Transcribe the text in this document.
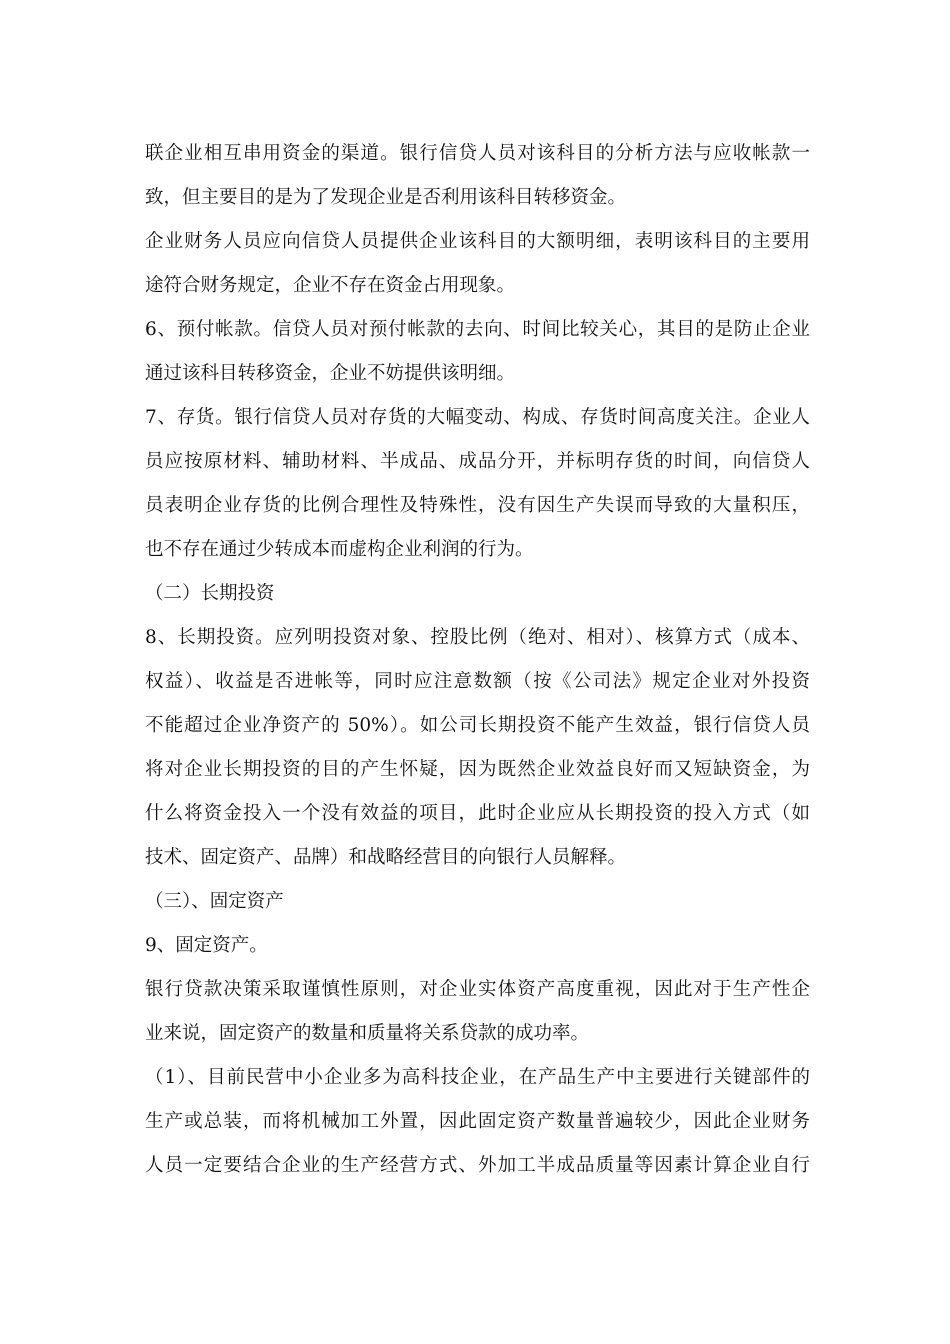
联企业相互串用资金的渠道。银行信贷人员对该科目的分析方法与应收帐款一
致，但主要目的是为了发现企业是否利用该科目转移资金。
企业财务人员应向信贷人员提供企业该科目的大额明细，表明该科目的主要用
途符合财务规定，企业不存在资金占用现象。
6、预付帐款。信贷人员对预付帐款的去向、时间比较关心，其目的是防止企业
通过该科目转移资金，企业不妨提供该明细。
7、存货。银行信贷人员对存货的大幅变动、构成、存货时间高度关注。企业人
员应按原材料、辅助材料、半成品、成品分开，并标明存货的时间，向信贷人
员表明企业存货的比例合理性及特殊性，没有因生产失误而导致的大量积压，
也不存在通过少转成本而虚构企业利润的行为。
（二）长期投资
8、长期投资。应列明投资对象、控股比例（绝对、相对）、核算方式（成本、
权益）、收益是否进帐等，同时应注意数额（按《公司法》规定企业对外投资
不能超过企业净资产的 50%）。如公司长期投资不能产生效益，银行信贷人员
将对企业长期投资的目的产生怀疑，因为既然企业效益良好而又短缺资金，为
什么将资金投入一个没有效益的项目，此时企业应从长期投资的投入方式（如
技术、固定资产、品牌）和战略经营目的向银行人员解释。
（三）、固定资产
9、固定资产。
银行贷款决策采取谨慎性原则，对企业实体资产高度重视，因此对于生产性企
业来说，固定资产的数量和质量将关系贷款的成功率。
（1）、目前民营中小企业多为高科技企业，在产品生产中主要进行关键部件的
生产或总装，而将机械加工外置，因此固定资产数量普遍较少，因此企业财务
人员一定要结合企业的生产经营方式、外加工半成品质量等因素计算企业自行
